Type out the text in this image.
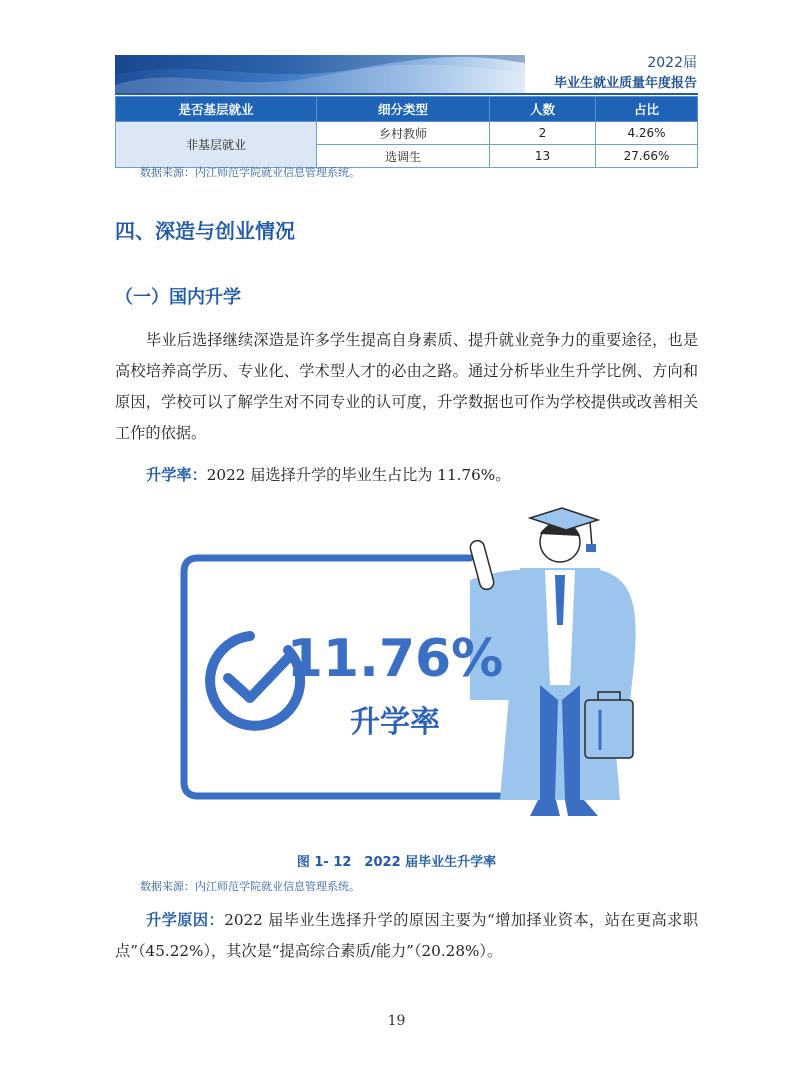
2022届
毕业生就业质量年度报告
是否基层就业	细分类型	人数	占比
非基层就业	乡村教师	2	4.26%
	选调生	13	27.66%
数据来源：内江师范学院就业信息管理系统。
四、深造与创业情况
（一）国内升学
毕业后选择继续深造是许多学生提高自身素质、提升就业竞争力的重要途径，也是高校培养高学历、专业化、学术型人才的必由之路。通过分析毕业生升学比例、方向和原因，学校可以了解学生对不同专业的认可度，升学数据也可作为学校提供或改善相关工作的依据。
升学率：2022 届选择升学的毕业生占比为 11.76%。
11.76%
升学率
图 1- 12　2022 届毕业生升学率
数据来源：内江师范学院就业信息管理系统。
升学原因：2022 届毕业生选择升学的原因主要为“增加择业资本，站在更高求职点”（45.22%），其次是“提高综合素质/能力”（20.28%）。
19
